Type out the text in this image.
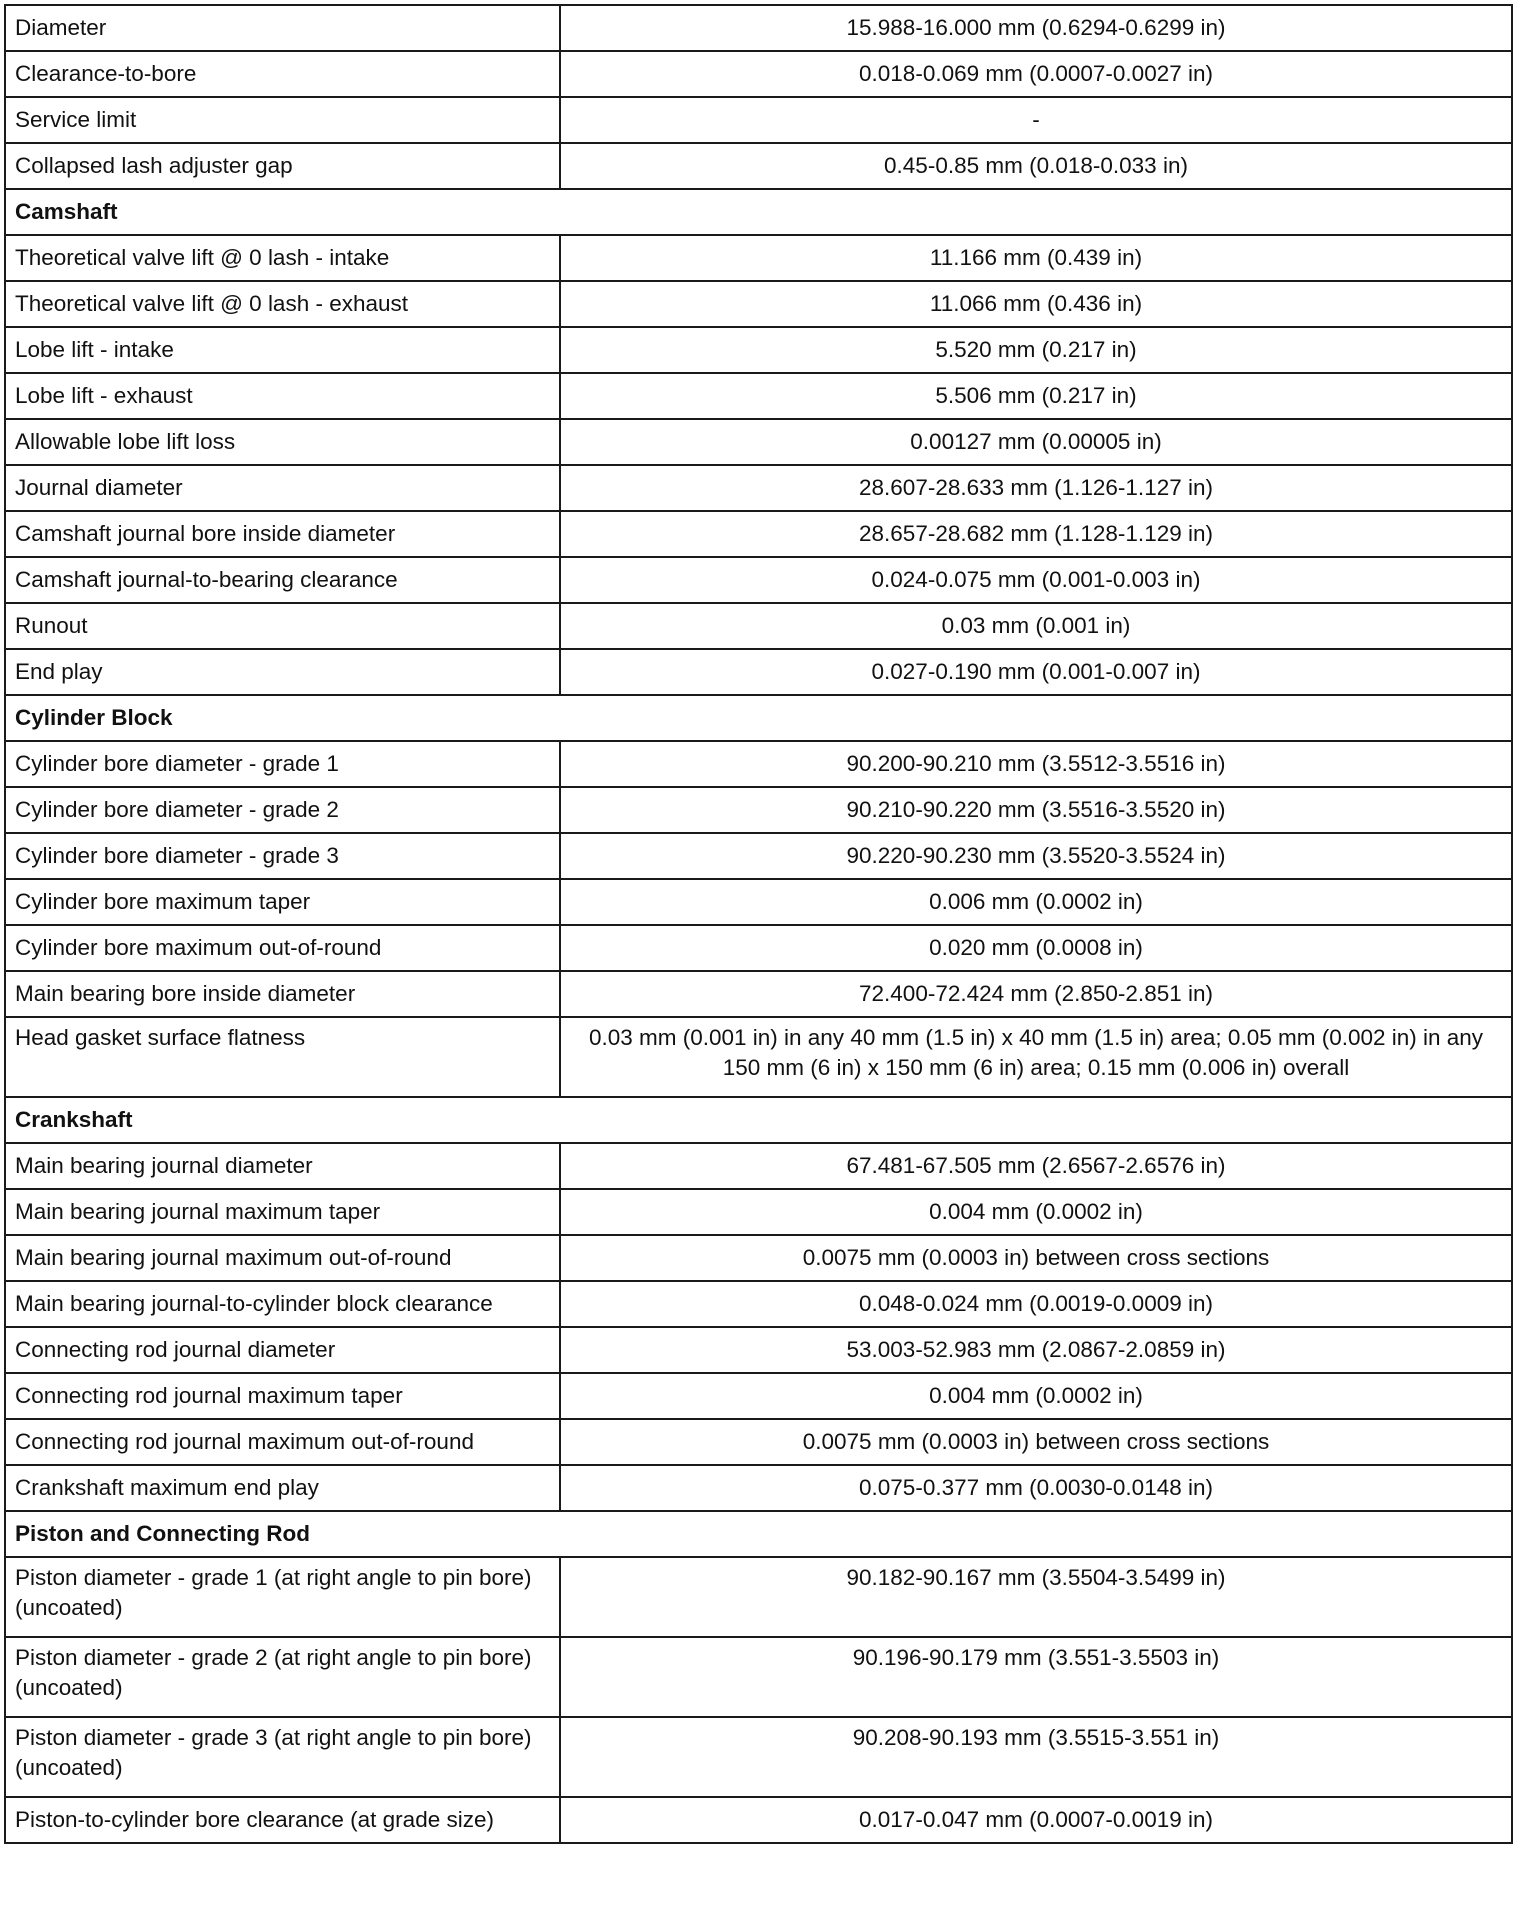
Diameter	15.988-16.000 mm (0.6294-0.6299 in)
Clearance-to-bore	0.018-0.069 mm (0.0007-0.0027 in)
Service limit	-
Collapsed lash adjuster gap	0.45-0.85 mm (0.018-0.033 in)
Camshaft	
Theoretical valve lift @ 0 lash - intake	11.166 mm (0.439 in)
Theoretical valve lift @ 0 lash - exhaust	11.066 mm (0.436 in)
Lobe lift - intake	5.520 mm (0.217 in)
Lobe lift - exhaust	5.506 mm (0.217 in)
Allowable lobe lift loss	0.00127 mm (0.00005 in)
Journal diameter	28.607-28.633 mm (1.126-1.127 in)
Camshaft journal bore inside diameter	28.657-28.682 mm (1.128-1.129 in)
Camshaft journal-to-bearing clearance	0.024-0.075 mm (0.001-0.003 in)
Runout	0.03 mm (0.001 in)
End play	0.027-0.190 mm (0.001-0.007 in)
Cylinder Block	
Cylinder bore diameter - grade 1	90.200-90.210 mm (3.5512-3.5516 in)
Cylinder bore diameter - grade 2	90.210-90.220 mm (3.5516-3.5520 in)
Cylinder bore diameter - grade 3	90.220-90.230 mm (3.5520-3.5524 in)
Cylinder bore maximum taper	0.006 mm (0.0002 in)
Cylinder bore maximum out-of-round	0.020 mm (0.0008 in)
Main bearing bore inside diameter	72.400-72.424 mm (2.850-2.851 in)
Head gasket surface flatness	0.03 mm (0.001 in) in any 40 mm (1.5 in) x 40 mm (1.5 in) area; 0.05 mm (0.002 in) in any 150 mm (6 in) x 150 mm (6 in) area; 0.15 mm (0.006 in) overall
Crankshaft	
Main bearing journal diameter	67.481-67.505 mm (2.6567-2.6576 in)
Main bearing journal maximum taper	0.004 mm (0.0002 in)
Main bearing journal maximum out-of-round	0.0075 mm (0.0003 in) between cross sections
Main bearing journal-to-cylinder block clearance	0.048-0.024 mm (0.0019-0.0009 in)
Connecting rod journal diameter	53.003-52.983 mm (2.0867-2.0859 in)
Connecting rod journal maximum taper	0.004 mm (0.0002 in)
Connecting rod journal maximum out-of-round	0.0075 mm (0.0003 in) between cross sections
Crankshaft maximum end play	0.075-0.377 mm (0.0030-0.0148 in)
Piston and Connecting Rod	
Piston diameter - grade 1 (at right angle to pin bore) (uncoated)	90.182-90.167 mm (3.5504-3.5499 in)
Piston diameter - grade 2 (at right angle to pin bore) (uncoated)	90.196-90.179 mm (3.551-3.5503 in)
Piston diameter - grade 3 (at right angle to pin bore) (uncoated)	90.208-90.193 mm (3.5515-3.551 in)
Piston-to-cylinder bore clearance (at grade size)	0.017-0.047 mm (0.0007-0.0019 in)
